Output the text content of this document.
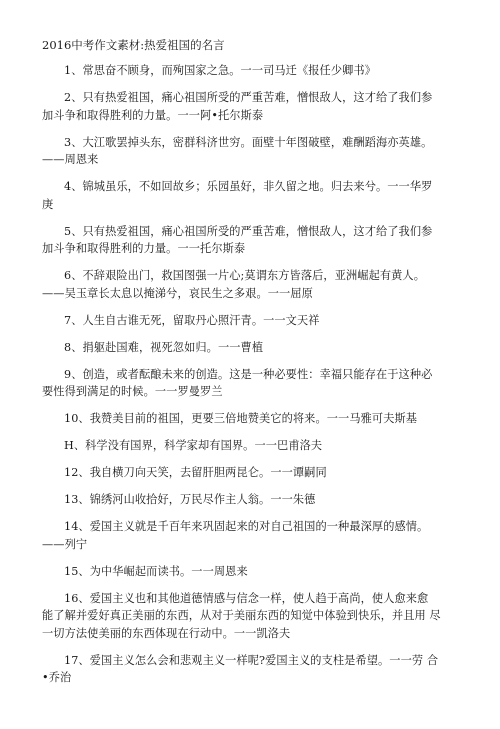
2016中考作文素材:热爱祖国的名言

1、常思奋不顾身，而殉国家之急。一一司马迁《报任少卿书》

2、只有热爱祖国，痛心祖国所受的严重苦难，憎恨敌人，这才给了我们参加斗争和取得胜利的力量。一一阿•托尔斯泰

3、大江歌罢掉头东，密群科济世穷。面壁十年图破壁，难酬蹈海亦英雄。——周恩来

4、锦城虽乐，不如回故乡；乐园虽好，非久留之地。归去来兮。一一华罗庚

5、只有热爱祖国，痛心祖国所受的严重苦难，憎恨敌人，这才给了我们参加斗争和取得胜利的力量。一一托尔斯泰

6、不辞艰险出门，救国图强一片心;莫谓东方皆落后，亚洲崛起有黄人。——吴玉章长太息以掩涕兮，哀民生之多艰。一一屈原

7、人生自古谁无死，留取丹心照汗青。一一文天祥

8、捐躯赴国难，视死忽如归。一一曹植

9、创造，或者酝酿未来的创造。这是一种必要性：幸福只能存在于这种必要性得到满足的时候。一一罗曼罗兰

10、我赞美目前的祖国，更要三倍地赞美它的将来。一一马雅可夫斯基

H、科学没有国界，科学家却有国界。一一巴甫洛夫

12、我自横刀向天笑，去留肝胆两昆仑。一一谭嗣同

13、锦绣河山收拾好，万民尽作主人翁。一一朱德

14、爱国主义就是千百年来巩固起来的对自己祖国的一种最深厚的感情。——列宁

15、为中华崛起而读书。一一周恩来

16、爱国主义也和其他道德情感与信念一样，使人趋于高尚，使人愈来愈 能了解并爱好真正美丽的东西，从对于美丽东西的知觉中体验到快乐，并且用 尽一切方法使美丽的东西体现在行动中。一一凯洛夫

17、爱国主义怎么会和悲观主义一样呢?爱国主义的支柱是希望。一一劳 合•乔治
